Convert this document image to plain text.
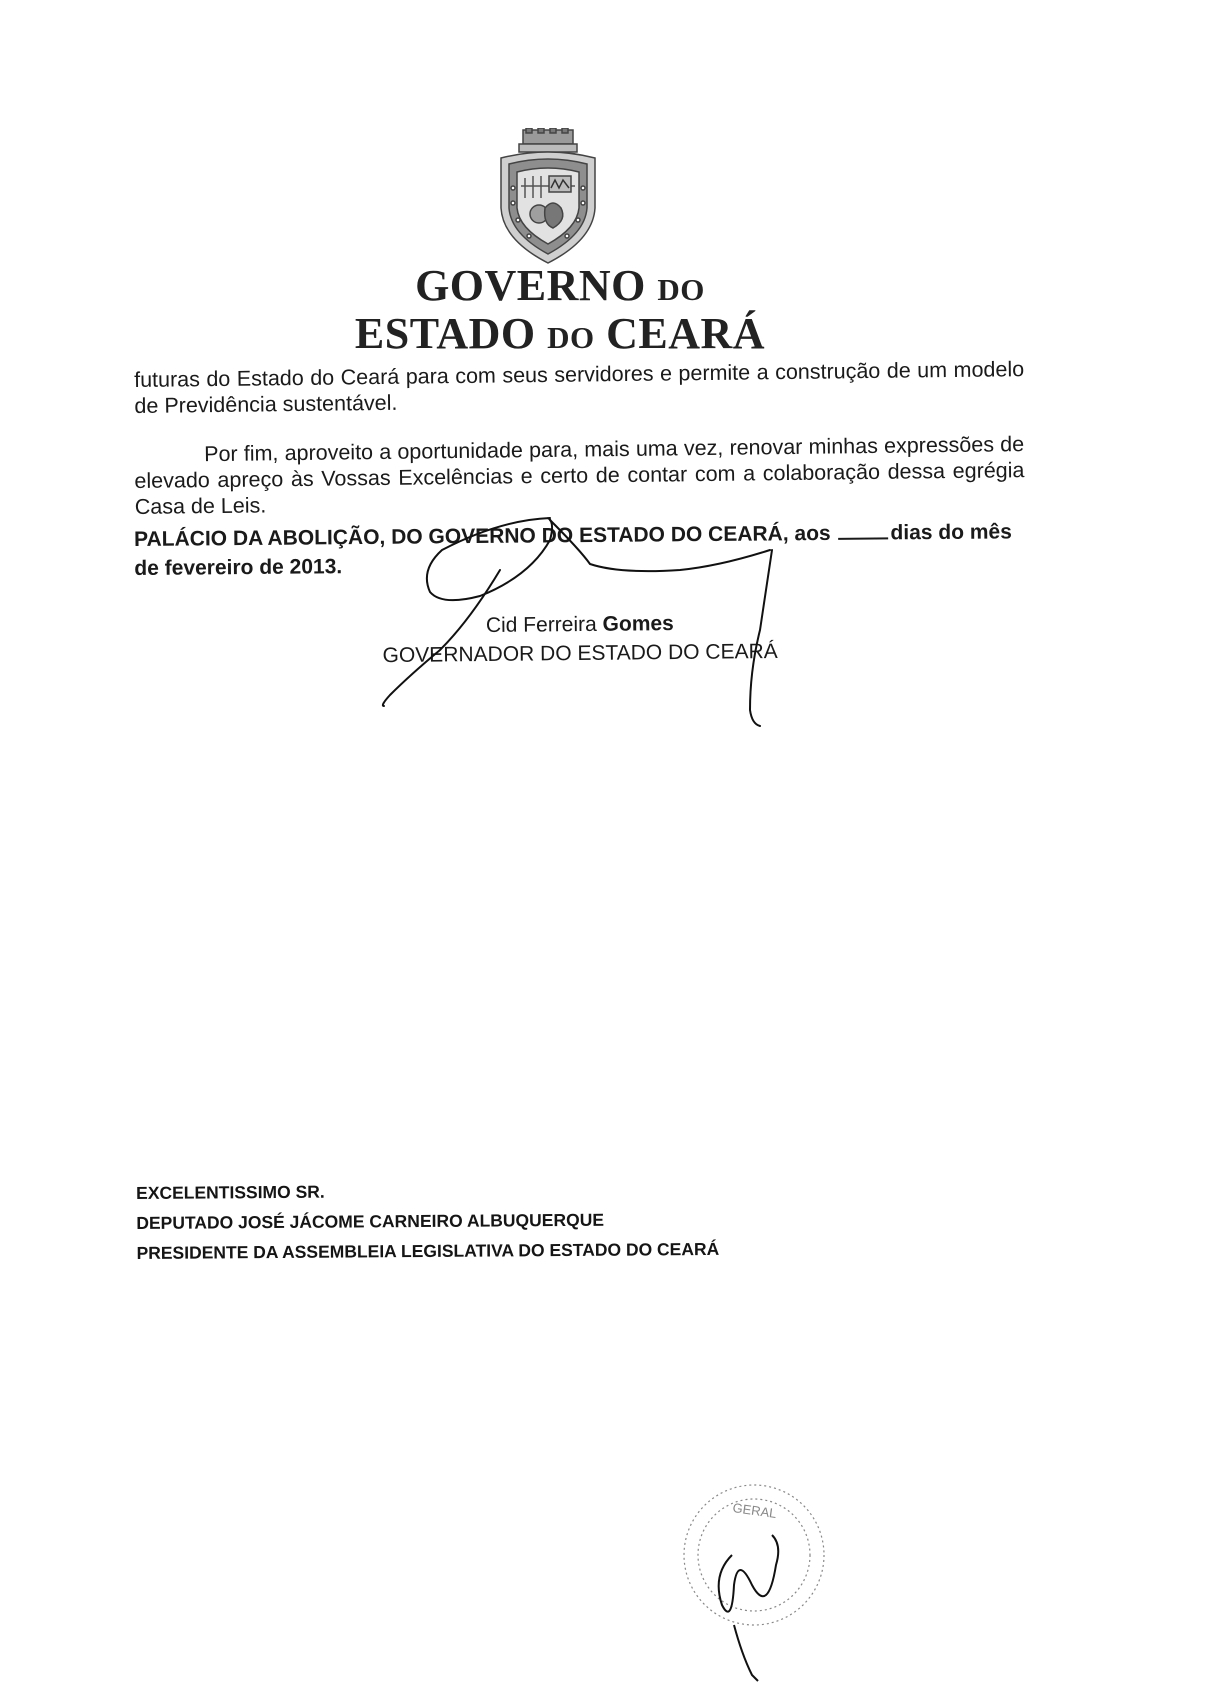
GOVERNO DO
ESTADO DO CEARÁ

futuras do Estado do Ceará para com seus servidores e permite a construção de um modelo de Previdência sustentável.

Por fim, aproveito a oportunidade para, mais uma vez, renovar minhas expressões de elevado apreço às Vossas Excelências e certo de contar com a colaboração dessa egrégia Casa de Leis.

PALÁCIO DA ABOLIÇÃO, DO GOVERNO DO ESTADO DO CEARÁ, aos	dias do mês de fevereiro de 2013.
Cid Ferreira Gomes
GOVERNADOR DO ESTADO DO CEARÁ
EXCELENTISSIMO SR.
DEPUTADO JOSÉ JÁCOME CARNEIRO ALBUQUERQUE
PRESIDENTE DA ASSEMBLEIA LEGISLATIVA DO ESTADO DO CEARÁ
GERAL
